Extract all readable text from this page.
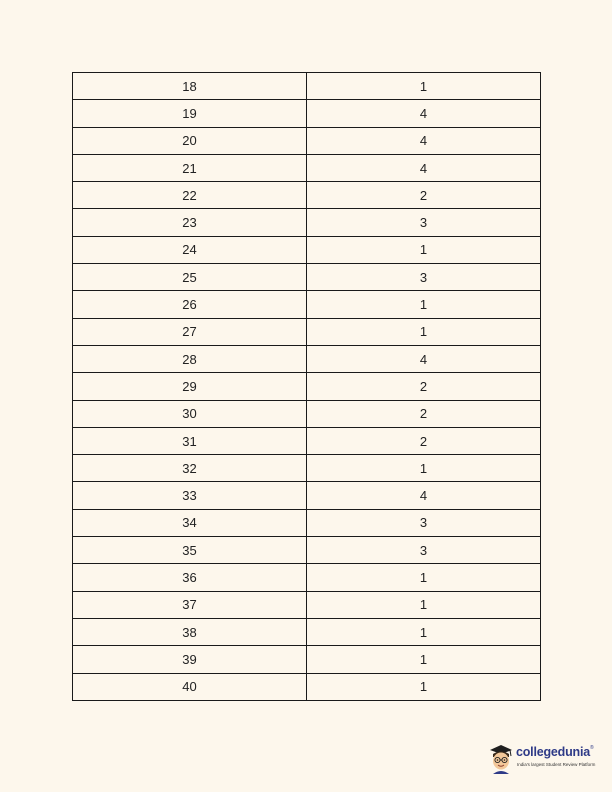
18	1
19	4
20	4
21	4
22	2
23	3
24	1
25	3
26	1
27	1
28	4
29	2
30	2
31	2
32	1
33	4
34	3
35	3
36	1
37	1
38	1
39	1
40	1
collegedunia®
India's largest Student Review Platform
